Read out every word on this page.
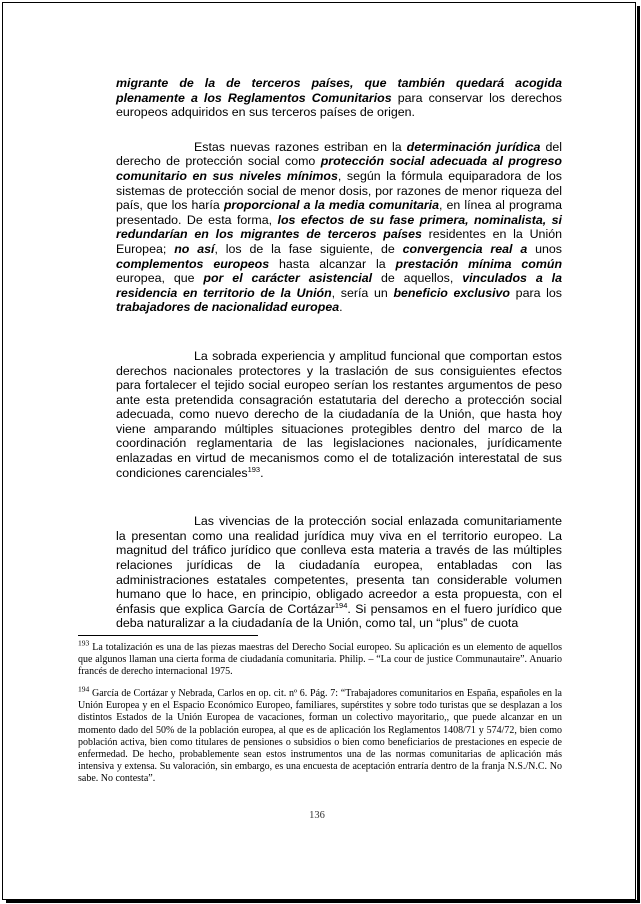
migrante de la de terceros países, que también quedará acogida plenamente a los Reglamentos Comunitarios para conservar los derechos europeos adquiridos en sus terceros países de origen.

Estas nuevas razones estriban en la determinación jurídica del derecho de protección social como protección social adecuada al progreso comunitario en sus niveles mínimos, según la fórmula equiparadora de los sistemas de protección social de menor dosis, por razones de menor riqueza del país, que los haría proporcional a la media comunitaria, en línea al programa presentado. De esta forma, los efectos de su fase primera, nominalista, si redundarían en los migrantes de terceros países residentes en la Unión Europea; no así, los de la fase siguiente, de convergencia real a unos complementos europeos hasta alcanzar la prestación mínima común europea, que por el carácter asistencial de aquellos, vinculados a la residencia en territorio de la Unión, sería un beneficio exclusivo para los trabajadores de nacionalidad europea.

La sobrada experiencia y amplitud funcional que comportan estos derechos nacionales protectores y la traslación de sus consiguientes efectos para fortalecer el tejido social europeo serían los restantes argumentos de peso ante esta pretendida consagración estatutaria del derecho a protección social adecuada, como nuevo derecho de la ciudadanía de la Unión, que hasta hoy viene amparando múltiples situaciones protegibles dentro del marco de la coordinación reglamentaria de las legislaciones nacionales, jurídicamente enlazadas en virtud de mecanismos como el de totalización interestatal de sus condiciones carenciales$^{193}$.

Las vivencias de la protección social enlazada comunitariamente la presentan como una realidad jurídica muy viva en el territorio europeo. La magnitud del tráfico jurídico que conlleva esta materia a través de las múltiples relaciones jurídicas de la ciudadanía europea, entabladas con las administraciones estatales competentes, presenta tan considerable volumen humano que lo hace, en principio, obligado acreedor a esta propuesta, con el énfasis que explica García de Cortázar$^{194}$. Si pensamos en el fuero jurídico que deba naturalizar a la ciudadanía de la Unión, como tal, un “plus” de cuota

$^{193}$ La totalización es una de las piezas maestras del Derecho Social europeo. Su aplicación es un elemento de aquellos que algunos llaman una cierta forma de ciudadanía comunitaria. Philip. – “La cour de justice Communautaire”. Anuario francés de derecho internacional 1975.

$^{194}$ García de Cortázar y Nebrada, Carlos en op. cit. nº 6. Pág. 7: “Trabajadores comunitarios en España, españoles en la Unión Europea y en el Espacio Económico Europeo, familiares, supérstites y sobre todo turistas que se desplazan a los distintos Estados de la Unión Europea de vacaciones, forman un colectivo mayoritario,, que puede alcanzar en un momento dado del 50% de la población europea, al que es de aplicación los Reglamentos 1408/71 y 574/72, bien como población activa, bien como titulares de pensiones o subsidios o bien como beneficiarios de prestaciones en especie de enfermedad. De hecho, probablemente sean estos instrumentos una de las normas comunitarias de aplicación más intensiva y extensa. Su valoración, sin embargo, es una encuesta de aceptación entraría dentro de la franja N.S./N.C. No sabe. No contesta”.

136
